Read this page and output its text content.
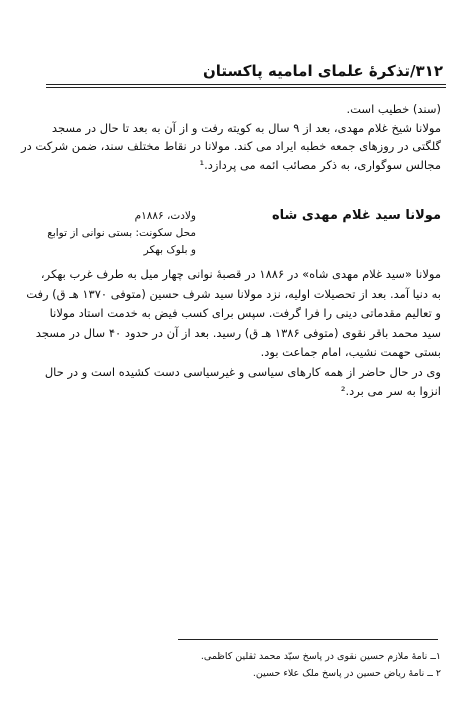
۳۱۲/تذکرۀ علمای امامیه پاکستان
(سند) خطیب است.
مولانا شیخ غلام مهدی، بعد از ۹ سال به کویته رفت و از آن به بعد تا حال در مسجد
گلگتی در روزهای جمعه خطبه ایراد می کند. مولانا در نقاط مختلف سند، ضمن شرکت در
مجالس سوگواری، به ذکر مصائب ائمه می پردازد.¹
مولانا سید غلام مهدی شاه
ولادت، ۱۸۸۶م
محل سکونت: بستی نوانی از توابع
و بلوک بهکر
مولانا «سید غلام مهدی شاه» در ۱۸۸۶ در قصبۀ نوانی چهار میل به طرف غرب بهکر،
به دنیا آمد. بعد از تحصیلات اولیه، نزد مولانا سید شرف حسین (متوفی ۱۳۷۰ هـ ق) رفت
و تعالیم مقدماتی دینی را فرا گرفت. سپس برای کسب فیض به خدمت استاد مولانا
سید محمد باقر نقوی (متوفی ۱۳۸۶ هـ ق) رسید. بعد از آن در حدود ۴۰ سال در مسجد
بستی حهمت نشیب، امام جماعت بود.
وی در حال حاضر از همه کارهای سیاسی و غیرسیاسی دست کشیده است و در حال
انزوا به سر می برد.²
۱ــ نامۀ ملازم حسین نقوی در پاسخ سیّد محمد ثقلین کاظمی.
۲ ــ نامۀ ریاض حسین در پاسخ ملک علاء حسین.
